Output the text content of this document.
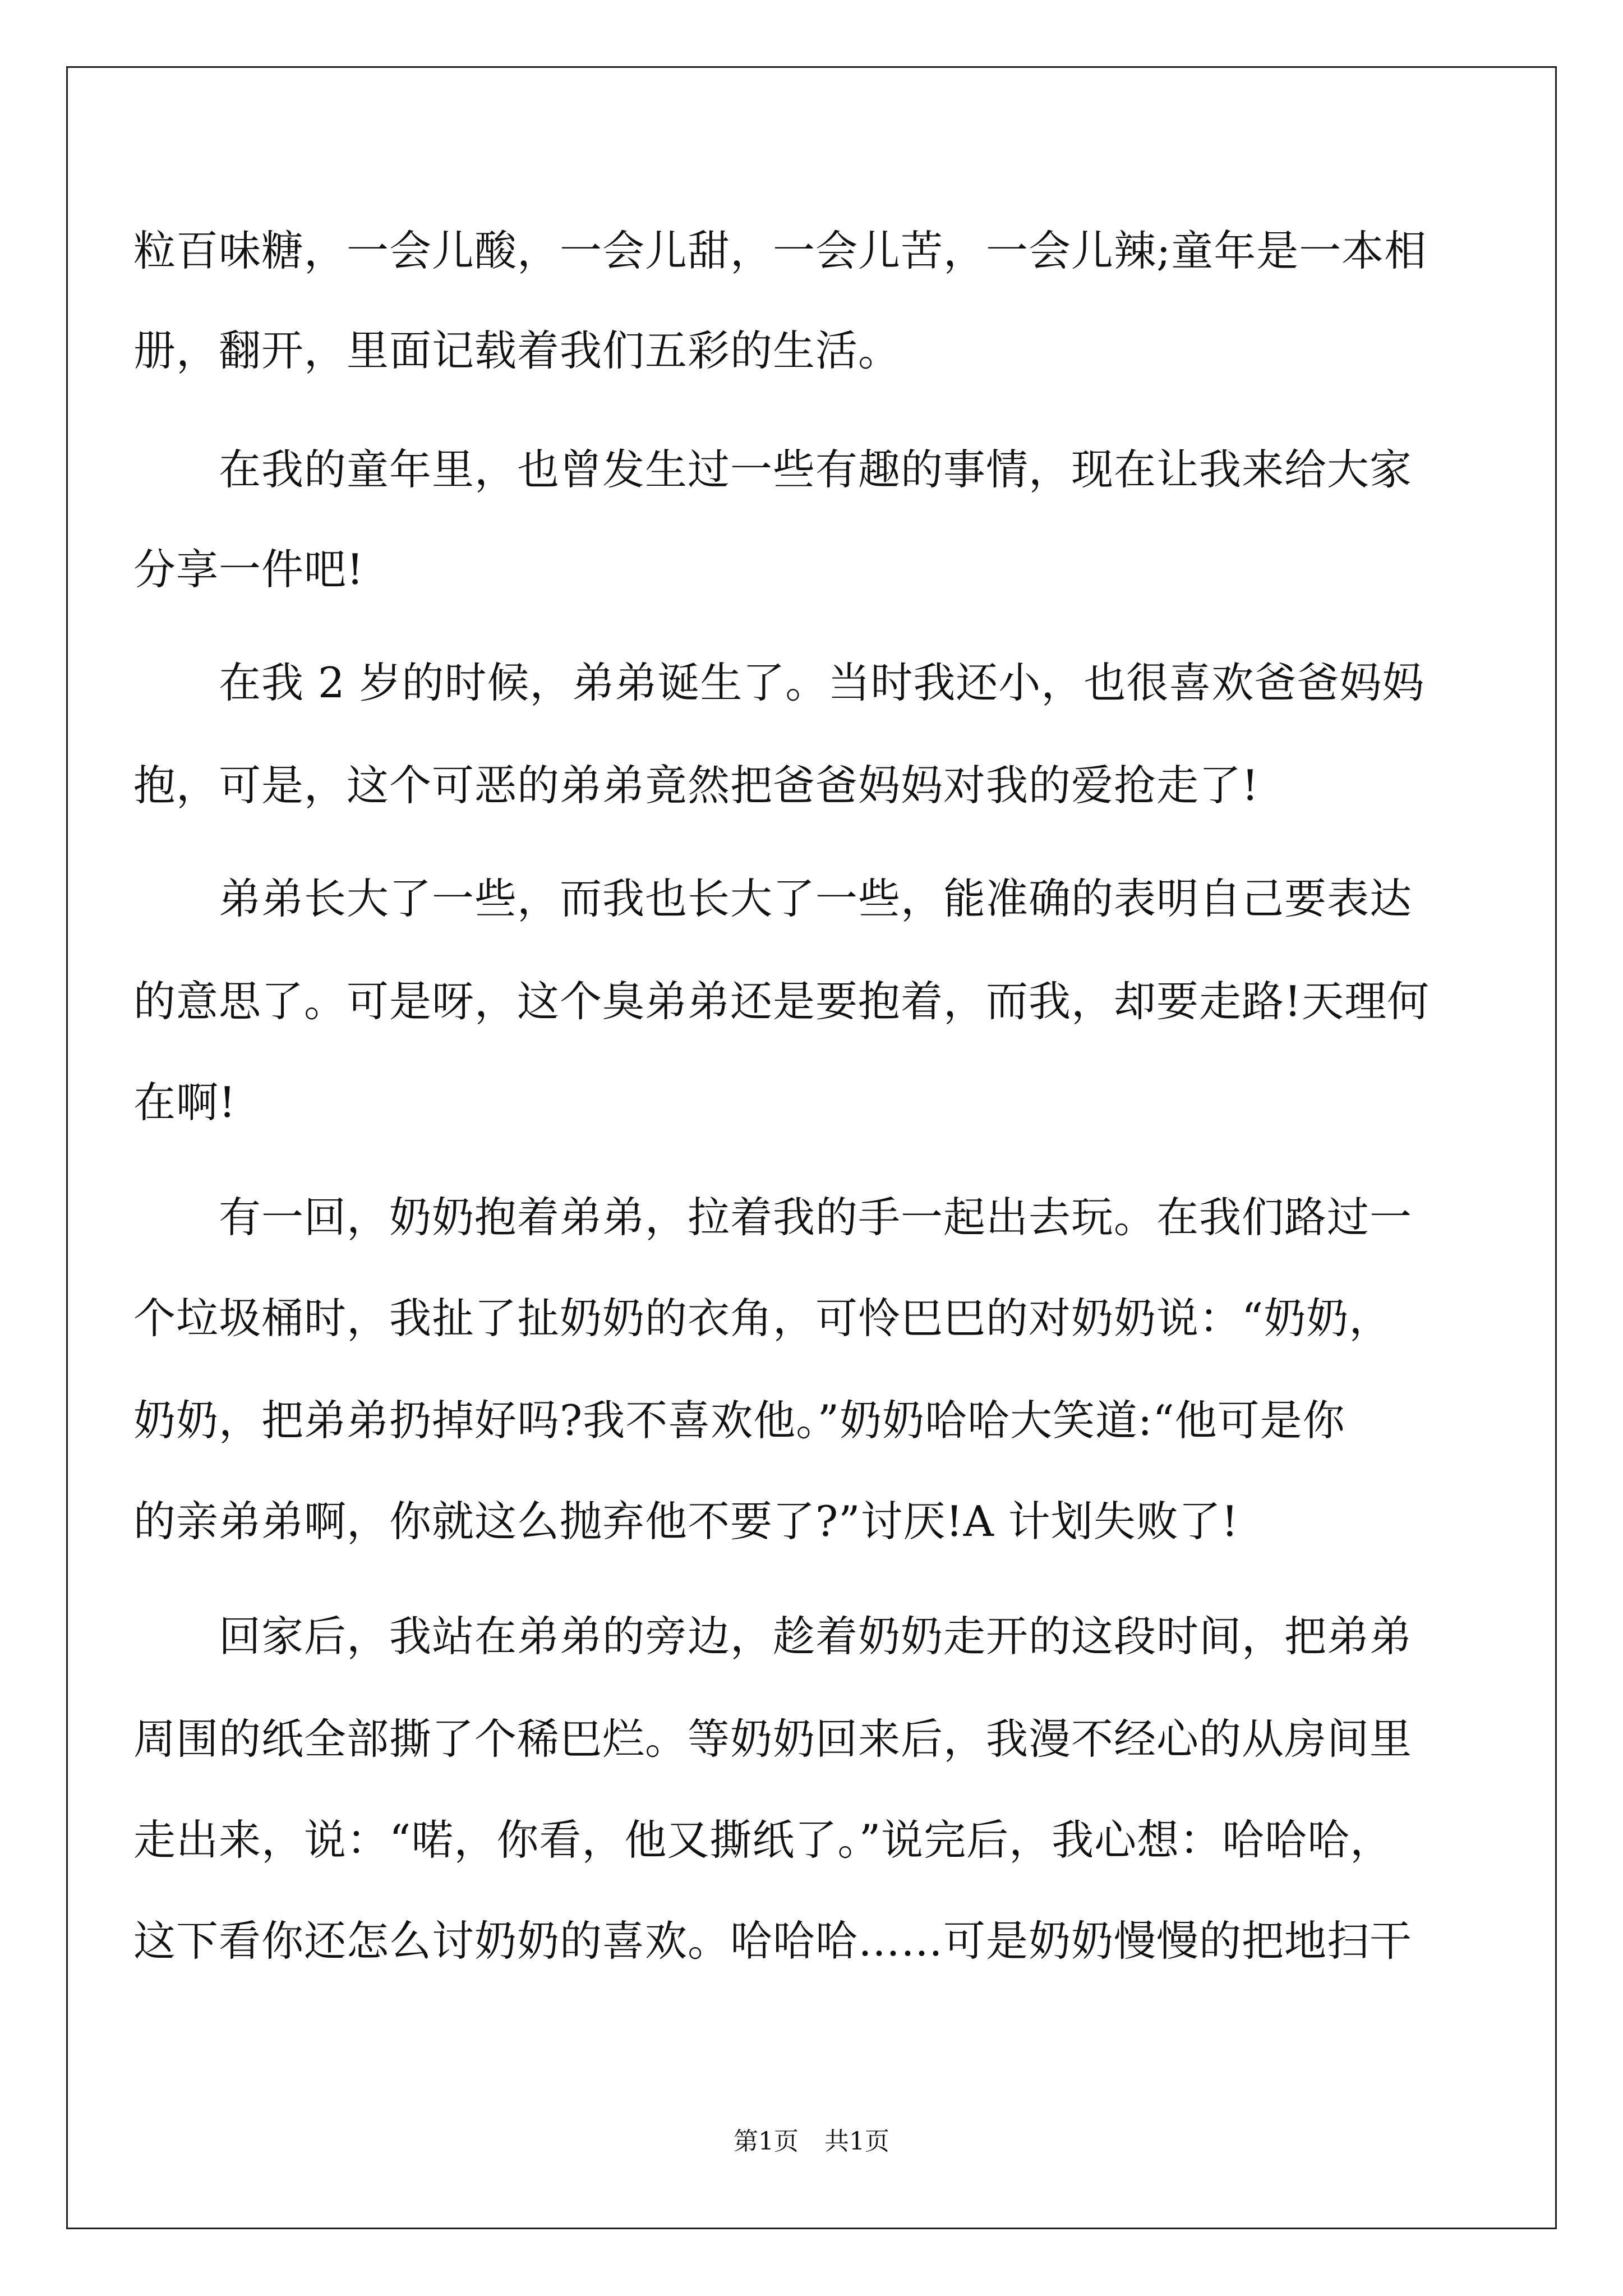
粒百味糖，一会儿酸，一会儿甜，一会儿苦，一会儿辣;童年是一本相
册，翻开，里面记载着我们五彩的生活。
在我的童年里，也曾发生过一些有趣的事情，现在让我来给大家
分享一件吧!
在我 2 岁的时候，弟弟诞生了。当时我还小，也很喜欢爸爸妈妈
抱，可是，这个可恶的弟弟竟然把爸爸妈妈对我的爱抢走了!
弟弟长大了一些，而我也长大了一些，能准确的表明自己要表达
的意思了。可是呀，这个臭弟弟还是要抱着，而我，却要走路!天理何
在啊!
有一回，奶奶抱着弟弟，拉着我的手一起出去玩。在我们路过一
个垃圾桶时，我扯了扯奶奶的衣角，可怜巴巴的对奶奶说：“奶奶，
奶奶，把弟弟扔掉好吗?我不喜欢他。”奶奶哈哈大笑道:“他可是你
的亲弟弟啊，你就这么抛弃他不要了?”讨厌!A 计划失败了!
回家后，我站在弟弟的旁边，趁着奶奶走开的这段时间，把弟弟
周围的纸全部撕了个稀巴烂。等奶奶回来后，我漫不经心的从房间里
走出来，说：“喏，你看，他又撕纸了。”说完后，我心想：哈哈哈，
这下看你还怎么讨奶奶的喜欢。哈哈哈……可是奶奶慢慢的把地扫干
第1页 共1页
